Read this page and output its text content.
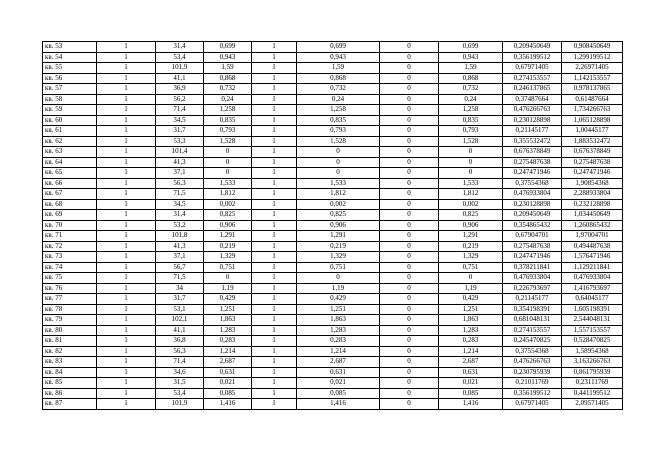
кв. 53	1	31,4	0,699	1	0,699	0	0,699	0,209450649	0,908450649
кв. 54	1	53,4	0,943	1	0,943	0	0,943	0,356199512	1,299199512
кв. 55	1	101,9	1,59	1	1,59	0	1,59	0,67971405	2,26971405
кв. 56	1	41,1	0,868	1	0,868	0	0,868	0,274153557	1,142153557
кв. 57	1	36,9	0,732	1	0,732	0	0,732	0,246137865	0,978137865
кв. 58	1	56,2	0,24	1	0,24	0	0,24	0,37487664	0,61487664
кв. 59	1	71,4	1,258	1	1,258	0	1,258	0,476266763	1,734266763
кв. 60	1	34,5	0,835	1	0,835	0	0,835	0,230128898	1,065128898
кв. 61	1	31,7	0,793	1	0,793	0	0,793	0,21145177	1,00445177
кв. 62	1	53,3	1,528	1	1,528	0	1,528	0,355532472	1,883532472
кв. 63	1	101,4	0	1	0	0	0	0,676378849	0,676378849
кв. 64	1	41,3	0	1	0	0	0	0,275487638	0,275487638
кв. 65	1	37,1	0	1	0	0	0	0,247471946	0,247471946
кв. 66	1	56,3	1,533	1	1,533	0	1,533	0,37554368	1,90854368
кв. 67	1	71,5	1,812	1	1,812	0	1,812	0,476933804	2,288933804
кв. 68	1	34,5	0,002	1	0,002	0	0,002	0,230128898	0,232128898
кв. 69	1	31,4	0,825	1	0,825	0	0,825	0,209450649	1,034450649
кв. 70	1	53,2	0,906	1	0,906	0	0,906	0,354865432	1,260865432
кв. 71	1	101,8	1,291	1	1,291	0	1,291	0,67904701	1,97004701
кв. 72	1	41,3	0,219	1	0,219	0	0,219	0,275487638	0,494487638
кв. 73	1	37,1	1,329	1	1,329	0	1,329	0,247471946	1,576471946
кв. 74	1	56,7	0,751	1	0,751	0	0,751	0,378211841	1,129211841
кв. 75	1	71,5	0	1	0	0	0	0,476933804	0,476933804
кв. 76	1	34	1,19	1	1,19	0	1,19	0,226793697	1,416793697
кв. 77	1	31,7	0,429	1	0,429	0	0,429	0,21145177	0,64045177
кв. 78	1	53,1	1,251	1	1,251	0	1,251	0,354198391	1,605198391
кв. 79	1	102,1	1,863	1	1,863	0	1,863	0,681048131	2,544048131
кв. 80	1	41,1	1,283	1	1,283	0	1,283	0,274153557	1,557153557
кв. 81	1	36,8	0,283	1	0,283	0	0,283	0,245470825	0,528470825
кв. 82	1	56,3	1,214	1	1,214	0	1,214	0,37554368	1,58954368
кв. 83	1	71,4	2,687	1	2,687	0	2,687	0,476266763	3,163266763
кв. 84	1	34,6	0,631	1	0,631	0	0,631	0,230795939	0,861795939
кв. 85	1	31,5	0,021	1	0,021	0	0,021	0,21011769	0,23111769
кв. 86	1	53,4	0,085	1	0,085	0	0,085	0,356199512	0,441199512
кв. 87	1	101,9	1,416	1	1,416	0	1,416	0,67971405	2,09571405
